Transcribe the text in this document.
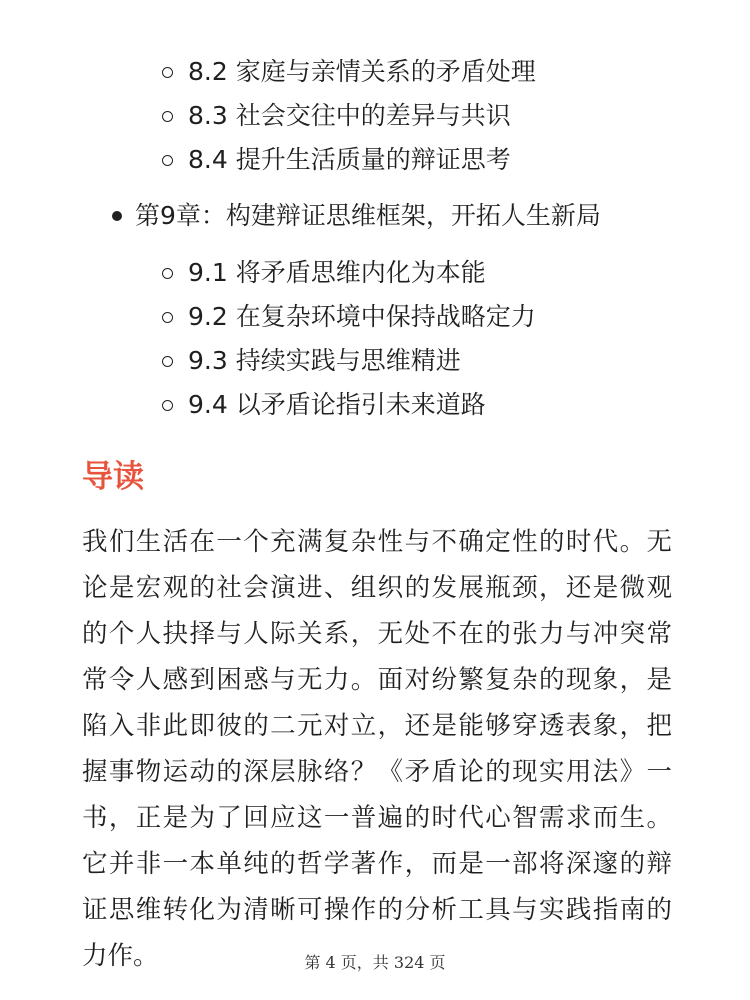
8.2 家庭与亲情关系的矛盾处理
8.3 社会交往中的差异与共识
8.4 提升生活质量的辩证思考
第9章：构建辩证思维框架，开拓人生新局
9.1 将矛盾思维内化为本能
9.2 在复杂环境中保持战略定力
9.3 持续实践与思维精进
9.4 以矛盾论指引未来道路
导读

我们生活在一个充满复杂性与不确定性的时代。无
论是宏观的社会演进、组织的发展瓶颈，还是微观
的个人抉择与人际关系，无处不在的张力与冲突常
常令人感到困惑与无力。面对纷繁复杂的现象，是
陷入非此即彼的二元对立，还是能够穿透表象，把
握事物运动的深层脉络？《矛盾论的现实用法》一
书，正是为了回应这一普遍的时代心智需求而生。
它并非一本单纯的哲学著作，而是一部将深邃的辩
证思维转化为清晰可操作的分析工具与实践指南的
力作。	第 4 页，共 324 页
